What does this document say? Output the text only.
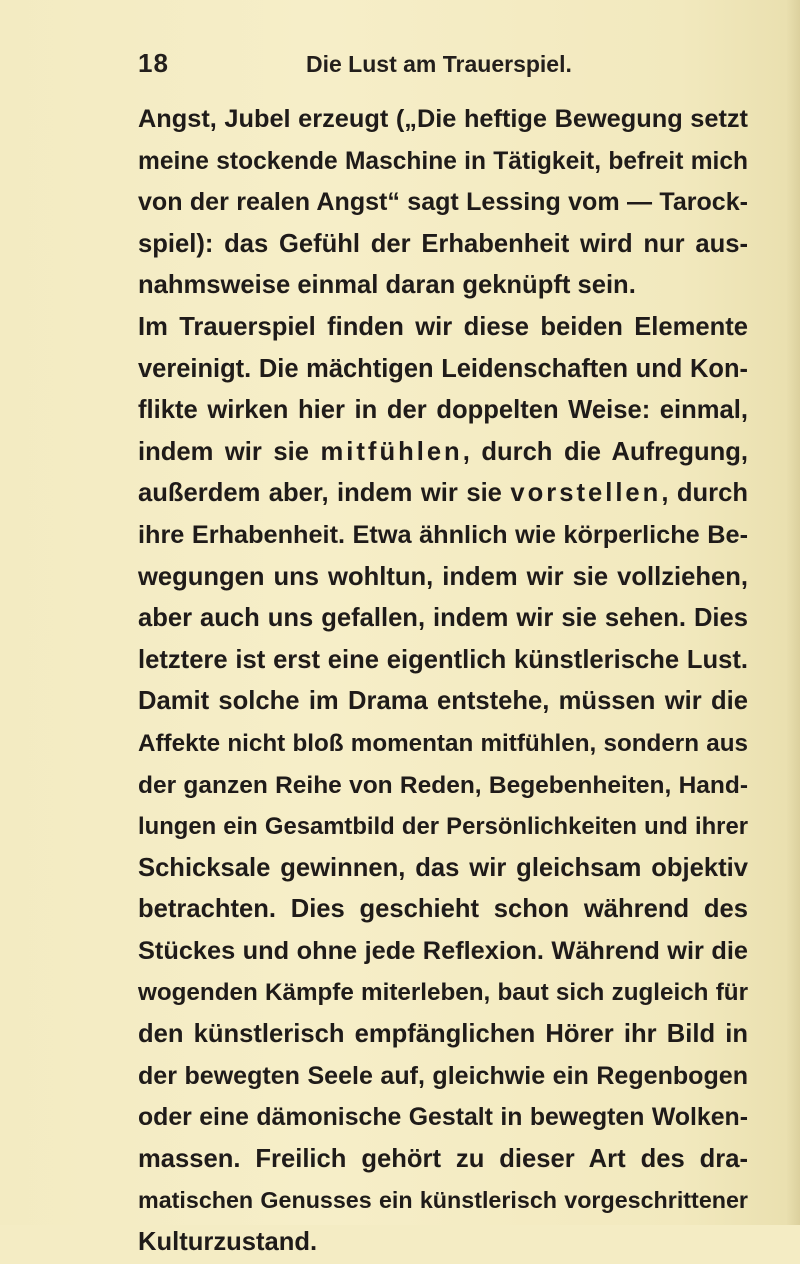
18	Die Lust am Trauerspiel.
Angst, Jubel erzeugt („Die heftige Bewegung setzt
meine stockende Maschine in Tätigkeit, befreit mich
von der realen Angst“ sagt Lessing vom — Tarock-
spiel): das Gefühl der Erhabenheit wird nur aus-
nahmsweise einmal daran geknüpft sein.
Im Trauerspiel finden wir diese beiden Elemente
vereinigt. Die mächtigen Leidenschaften und Kon-
flikte wirken hier in der doppelten Weise: einmal,
indem wir sie mitfühlen, durch die Aufregung,
außerdem aber, indem wir sie vorstellen, durch
ihre Erhabenheit. Etwa ähnlich wie körperliche Be-
wegungen uns wohltun, indem wir sie vollziehen,
aber auch uns gefallen, indem wir sie sehen. Dies
letztere ist erst eine eigentlich künstlerische Lust.
Damit solche im Drama entstehe, müssen wir die
Affekte nicht bloß momentan mitfühlen, sondern aus
der ganzen Reihe von Reden, Begebenheiten, Hand-
lungen ein Gesamtbild der Persönlichkeiten und ihrer
Schicksale gewinnen, das wir gleichsam objektiv
betrachten. Dies geschieht schon während des
Stückes und ohne jede Reflexion. Während wir die
wogenden Kämpfe miterleben, baut sich zugleich für
den künstlerisch empfänglichen Hörer ihr Bild in
der bewegten Seele auf, gleichwie ein Regenbogen
oder eine dämonische Gestalt in bewegten Wolken-
massen. Freilich gehört zu dieser Art des dra-
matischen Genusses ein künstlerisch vorgeschrittener
Kulturzustand.
